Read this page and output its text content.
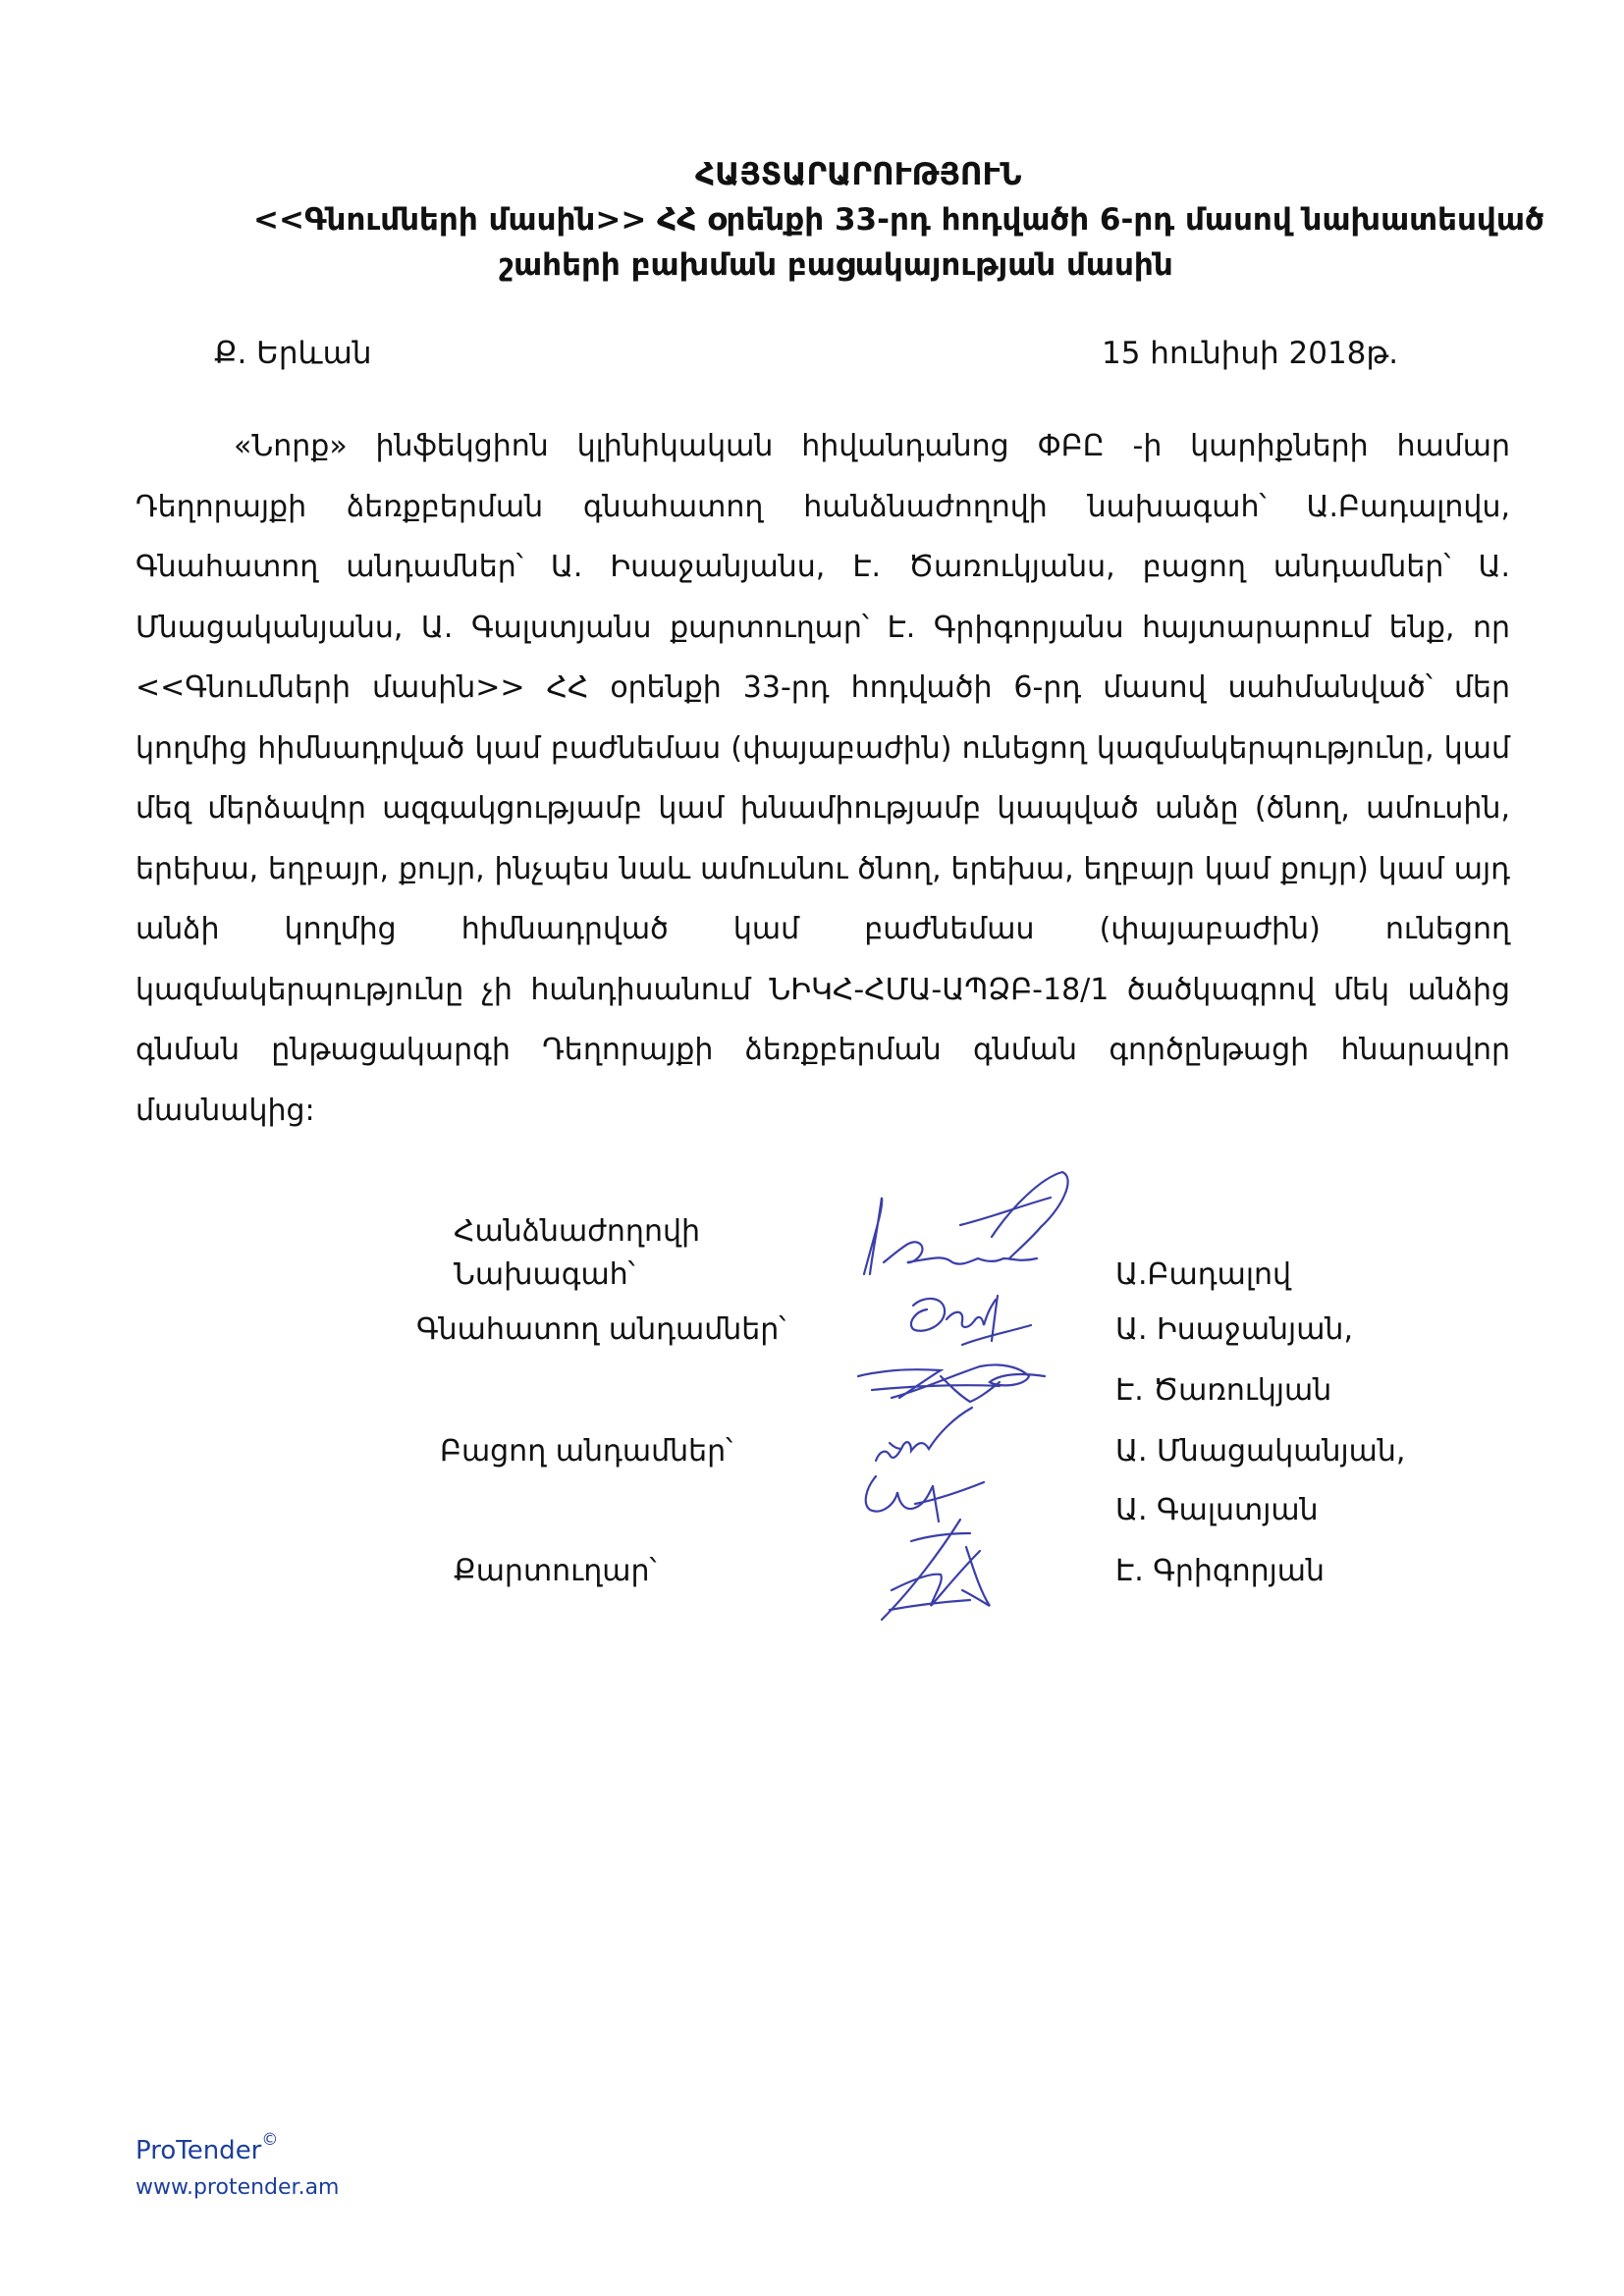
ՀԱՅՏԱՐԱՐՈՒԹՅՈՒՆ
<<Գնումների մասին>> ՀՀ օրենքի 33-րդ հոդվածի 6-րդ մասով նախատեսված
շահերի բախման բացակայության մասին
Ք. Երևան	15 հունիսի 2018թ.
«Նորք» ինֆեկցիոն կլինիկական հիվանդանոց ՓԲԸ -ի կարիքների համար Դեղորայքի ձեռքբերման գնահատող հանձնաժողովի նախագահ՝ Ա.Բադալովս, Գնահատող անդամներ՝ Ա. Իսաջանյանս, Է. Ծառուկյանս, բացող անդամներ՝ Ա. Մնացականյանս, Ա. Գալստյանս քարտուղար՝ Է. Գրիգորյանս հայտարարում ենք, որ <<Գնումների մասին>> ՀՀ օրենքի 33-րդ հոդվածի 6-րդ մասով սահմանված՝ մեր կողմից հիմնադրված կամ բաժնեմաս (փայաբաժին) ունեցող կազմակերպությունը, կամ մեզ մերձավոր ազգակցությամբ կամ խնամիությամբ կապված անձը (ծնող, ամուսին, երեխա, եղբայր, քույր, ինչպես նաև ամուսնու ծնող, երեխա, եղբայր կամ քույր) կամ այդ անձի կողմից հիմնադրված կամ բաժնեմաս (փայաբաժին) ունեցող կազմակերպությունը չի հանդիսանում ՆԻԿՀ-ՀՄԱ-ԱՊՁԲ-18/1 ծածկագրով մեկ անձից գնման ընթացակարգի Դեղորայքի ձեռքբերման գնման գործընթացի հնարավոր մասնակից:
Հանձնաժողովի
Նախագահ՝
Գնահատող անդամներ՝
Բացող անդամներ՝
Քարտուղար՝
Ա.Բադալով
Ա. Իսաջանյան,
Է. Ծառուկյան
Ա. Մնացականյան,
Ա. Գալստյան
Է. Գրիգորյան
ProTender©
www.protender.am
